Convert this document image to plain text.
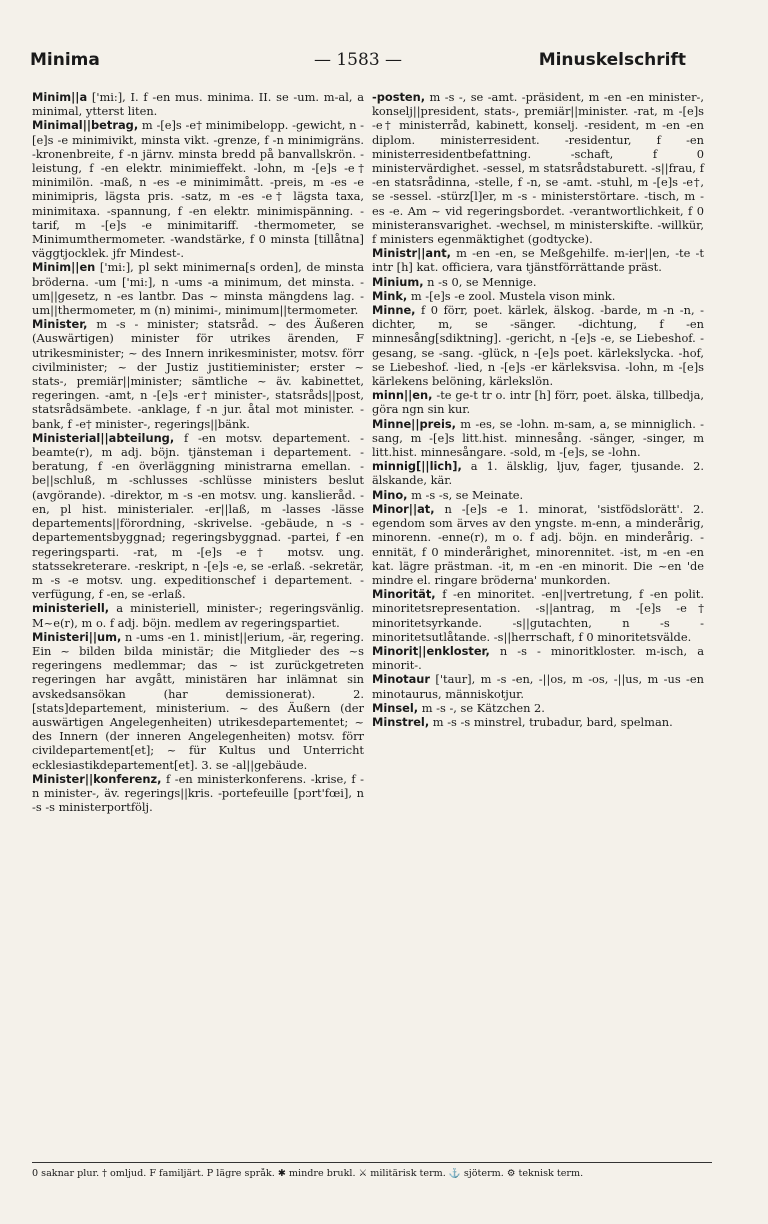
Minima	— 1583 —	Minuskelschrift

Minim||a ['mi:], I. f -en mus. minima. II. se -um. m-al, a minimal, ytterst liten.

Minimal||betrag, m -[e]s -e† minimibelopp. -gewicht, n -[e]s -e minimivikt, minsta vikt. -grenze, f -n minimigräns. -kronenbreite, f -n järnv. minsta bredd på banvallskrön. -leistung, f -en elektr. minimieffekt. -lohn, m -[e]s -e† minimilön. -maß, n -es -e minimimått. -preis, m -es -e minimipris, lägsta pris. -satz, m -es -e† lägsta taxa, minimitaxa. -spannung, f -en elektr. minimispänning. -tarif, m -[e]s -e minimitariff. -thermometer, se Minimumthermometer. -wandstärke, f 0 minsta [tillåtna] väggtjocklek. jfr Mindest-.

Minim||en ['mi:], pl sekt minimerna[s orden], de minsta bröderna. -um ['mi:], n -ums -a minimum, det minsta. -um||gesetz, n -es lantbr. Das ~ minsta mängdens lag. -um||thermometer, m (n) minimi-, minimum||termometer.

Minister, m -s - minister; statsråd. ~ des Äußeren (Auswärtigen) minister för utrikes ärenden, F utrikesminister; ~ des Innern inrikesminister, motsv. förr civilminister; ~ der Justiz justitieminister; erster ~ stats-, premiär||minister; sämtliche ~ äv. kabinettet, regeringen. -amt, n -[e]s -er† minister-, statsråds||post, statsrådsämbete. -anklage, f -n jur. åtal mot minister. -bank, f -e† minister-, regerings||bänk.

Ministerial||abteilung, f -en motsv. departement. -beamte(r), m adj. böjn. tjänsteman i departement. -beratung, f -en överläggning ministrarna emellan. -be||schluß, m -schlusses -schlüsse ministers beslut (avgörande). -direktor, m -s -en motsv. ung. kanslieråd. -en, pl hist. ministerialer. -er||laß, m -lasses -lässe departements||förordning, -skrivelse. -gebäude, n -s - departementsbyggnad; regeringsbyggnad. -partei, f -en regeringsparti. -rat, m -[e]s -e† motsv. ung. statssekreterare. -reskript, n -[e]s -e, se -erlaß. -sekretär, m -s -e motsv. ung. expeditionschef i departement. -verfügung, f -en, se -erlaß.

ministeriell, a ministeriell, minister-; regeringsvänlig. M~e(r), m o. f adj. böjn. medlem av regeringspartiet.

Ministeri||um, n -ums -en 1. minist||erium, -är, regering. Ein ~ bilden bilda ministär; die Mitglieder des ~s regeringens medlemmar; das ~ ist zurückgetreten regeringen har avgått, ministären har inlämnat sin avskedsansökan (har demissionerat). 2. [stats]departement, ministerium. ~ des Äußern (der auswärtigen Angelegenheiten) utrikesdepartementet; ~ des Innern (der inneren Angelegenheiten) motsv. förr civildepartement[et]; ~ für Kultus und Unterricht ecklesiastikdepartement[et]. 3. se -al||gebäude.

Minister||konferenz, f -en ministerkonferens. -krise, f -n minister-, äv. regerings||kris. -portefeuille [pɔrt'fœi], n -s -s ministerportfölj.

-posten, m -s -, se -amt. -präsident, m -en -en minister-, konselj||president, stats-, premiär||minister. -rat, m -[e]s -e† ministerråd, kabinett, konselj. -resident, m -en -en diplom. ministerresident. -residentur, f -en ministerresidentbefattning. -schaft, f 0 ministervärdighet. -sessel, m statsrådstaburett. -s||frau, f -en statsrådinna, -stelle, f -n, se -amt. -stuhl, m -[e]s -e†, se -sessel. -stürz[l]er, m -s - ministerstörtare. -tisch, m -es -e. Am ~ vid regeringsbordet. -verantwortlichkeit, f 0 ministeransvarighet. -wechsel, m ministerskifte. -willkür, f ministers egenmäktighet (godtycke).

Ministr||ant, m -en -en, se Meßgehilfe. m-ier||en, -te -t intr [h] kat. officiera, vara tjänstförrättande präst.

Minium, n -s 0, se Mennige.

Mink, m -[e]s -e zool. Mustela vison mink.

Minne, f 0 förr, poet. kärlek, älskog. -barde, m -n -n, -dichter, m, se -sänger. -dichtung, f -en minnesång[sdiktning]. -gericht, n -[e]s -e, se Liebeshof. -gesang, se -sang. -glück, n -[e]s poet. kärlekslycka. -hof, se Liebeshof. -lied, n -[e]s -er kärleksvisa. -lohn, m -[e]s kärlekens belöning, kärlekslön.

minn||en, -te ge-t tr o. intr [h] förr, poet. älska, tillbedja, göra ngn sin kur.

Minne||preis, m -es, se -lohn. m-sam, a, se minniglich. -sang, m -[e]s litt.hist. minnesång. -sänger, -singer, m litt.hist. minnesångare. -sold, m -[e]s, se -lohn.

minnig[||lich], a 1. älsklig, ljuv, fager, tjusande. 2. älskande, kär.

Mino, m -s -s, se Meinate.

Minor||at, n -[e]s -e 1. minorat, 'sistfödslorätt'. 2. egendom som ärves av den yngste. m-enn, a minderårig, minorenn. -enne(r), m o. f adj. böjn. en minderårig. -ennität, f 0 minderårighet, minorennitet. -ist, m -en -en kat. lägre prästman. -it, m -en -en minorit. Die ~en 'de mindre el. ringare bröderna' munkorden.

Minorität, f -en minoritet. -en||vertretung, f -en polit. minoritetsrepresentation. -s||antrag, m -[e]s -e† minoritetsyrkande. -s||gutachten, n -s - minoritetsutlåtande. -s||herrschaft, f 0 minoritetsvälde.

Minorit||enkloster, n -s - minoritkloster. m-isch, a minorit-.

Minotaur ['taur], m -s -en, -||os, m -os, -||us, m -us -en minotaurus, människotjur.

Minsel, m -s -, se Kätzchen 2.

Minstrel, m -s -s minstrel, trubadur, bard, spelman.

0 saknar plur. † omljud. F familjärt. P lägre språk. ✱ mindre brukl. ⚔ militärisk term. ⚓ sjöterm. ⚙ teknisk term.
